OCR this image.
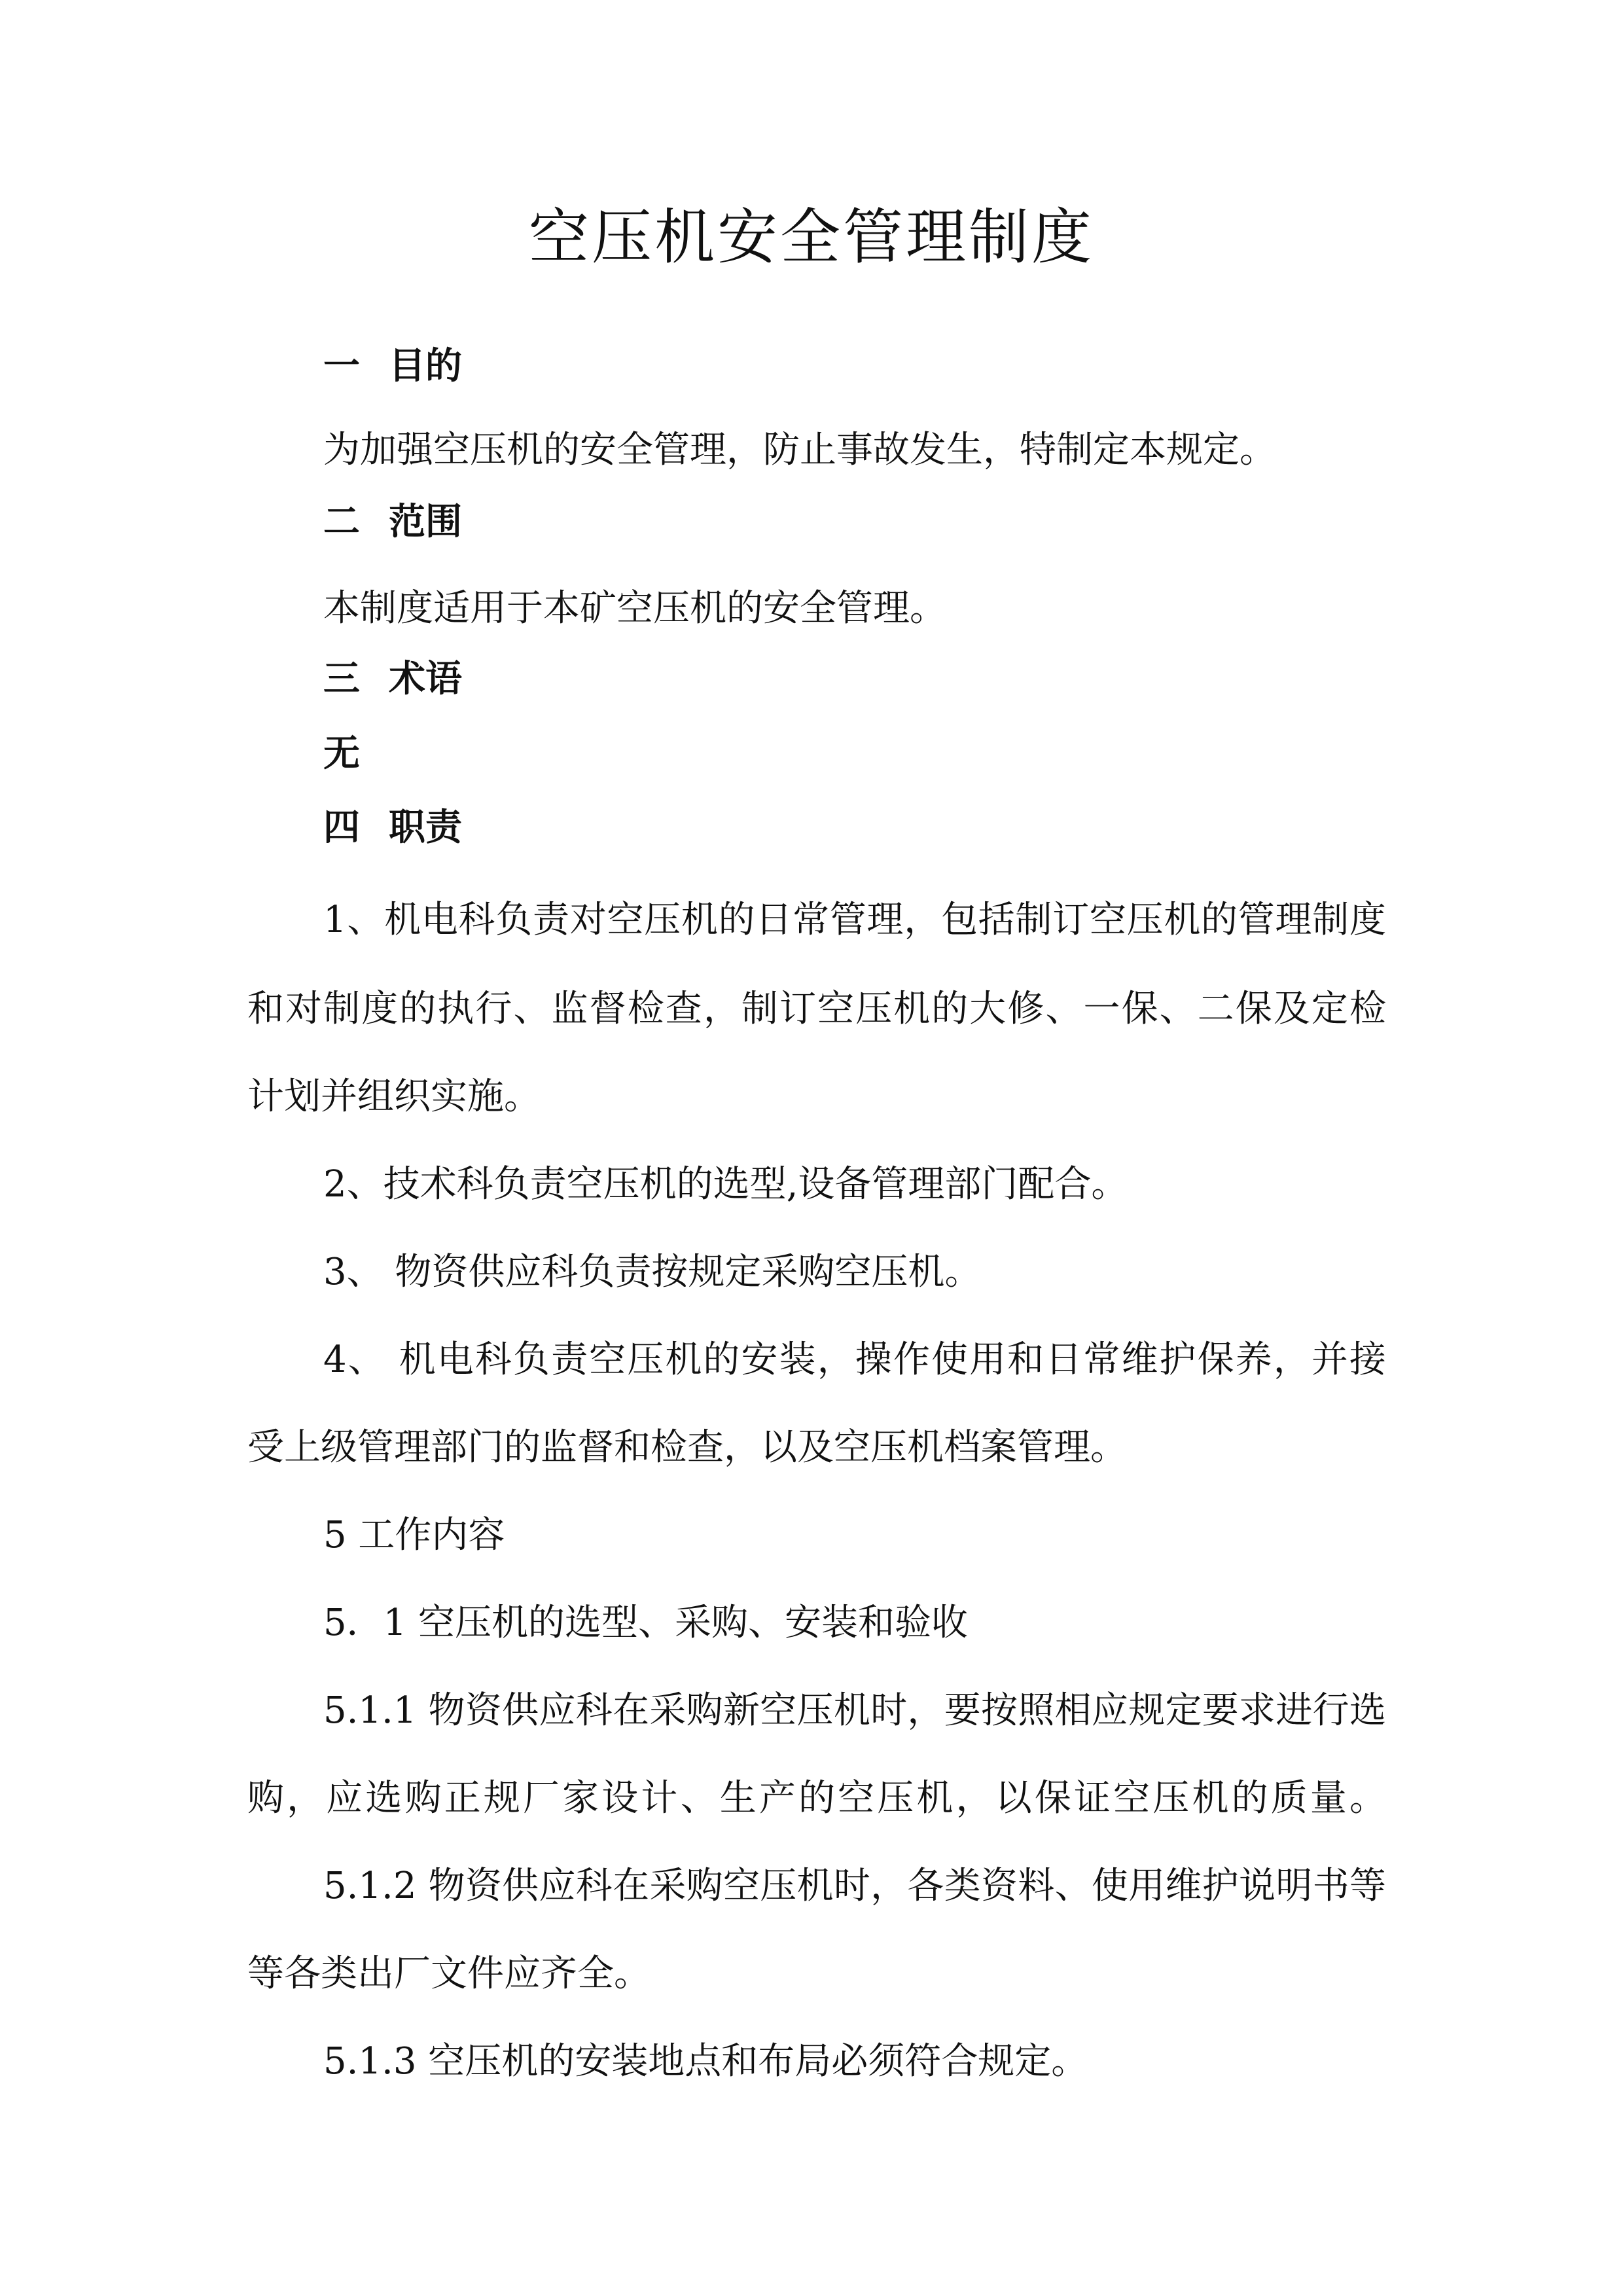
空压机安全管理制度
一 目的
为加强空压机的安全管理，防止事故发生，特制定本规定。
二 范围
本制度适用于本矿空压机的安全管理。
三 术语
无
四 职责
1、机电科负责对空压机的日常管理，包括制订空压机的管理制度
和对制度的执行、监督检查，制订空压机的大修、一保、二保及定检
计划并组织实施。
2、技术科负责空压机的选型,设备管理部门配合。
3、 物资供应科负责按规定采购空压机。
4、 机电科负责空压机的安装，操作使用和日常维护保养，并接
受上级管理部门的监督和检查，以及空压机档案管理。
5 工作内容
5．1 空压机的选型、采购、安装和验收
5.1.1 物资供应科在采购新空压机时，要按照相应规定要求进行选
购，应选购正规厂家设计、生产的空压机，以保证空压机的质量。
5.1.2 物资供应科在采购空压机时，各类资料、使用维护说明书等
等各类出厂文件应齐全。
5.1.3 空压机的安装地点和布局必须符合规定。
